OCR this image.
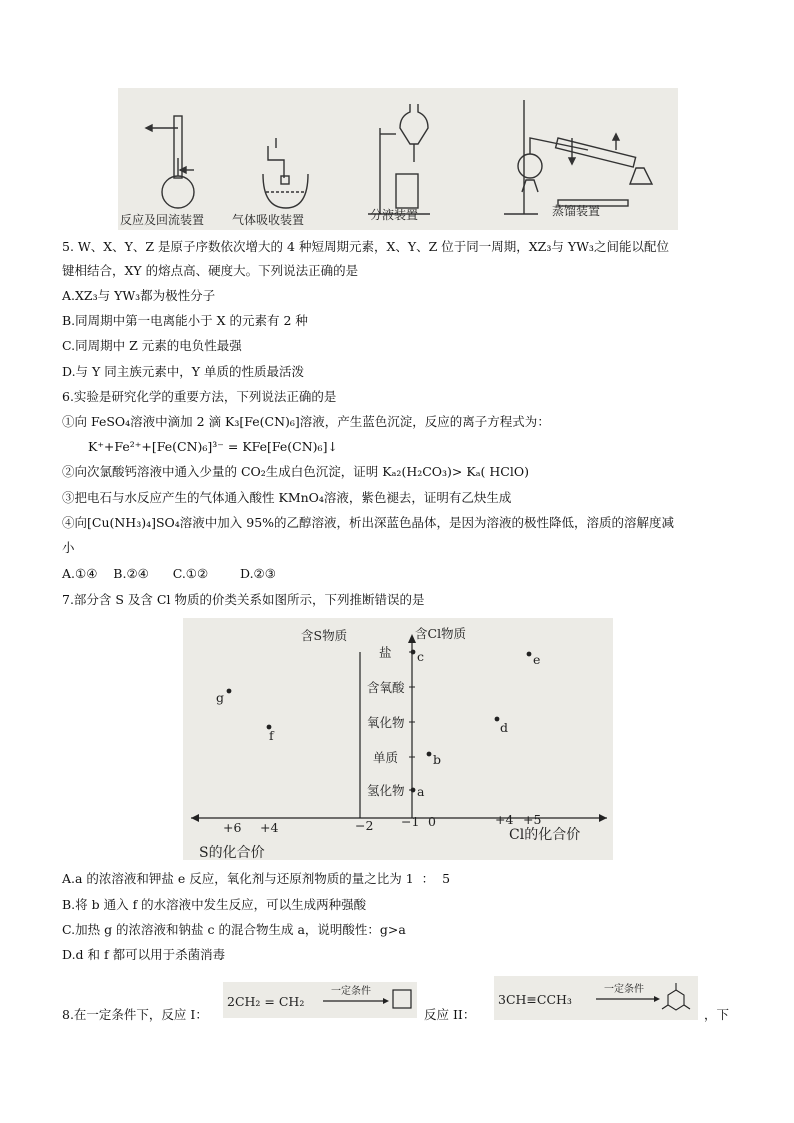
反应及回流装置 气体吸收装置	分液装置	蒸馏装置
5. W、X、Y、Z 是原子序数依次增大的 4 种短周期元素，X、Y、Z 位于同一周期，XZ₃与 YW₃之间能以配位
键相结合，XY 的熔点高、硬度大。下列说法正确的是
A.XZ₃与 YW₃都为极性分子
B.同周期中第一电离能小于 X 的元素有 2 种
C.同周期中 Z 元素的电负性最强
D.与 Y 同主族元素中，Y 单质的性质最活泼
6.实验是研究化学的重要方法，下列说法正确的是
①向 FeSO₄溶液中滴加 2 滴 K₃[Fe(CN)₆]溶液，产生蓝色沉淀，反应的离子方程式为：
K⁺+Fe²⁺+[Fe(CN)₆]³⁻ = KFe[Fe(CN)₆]↓
②向次氯酸钙溶液中通入少量的 CO₂生成白色沉淀，证明 Kₐ₂(H₂CO₃)> Kₐ( HClO)
③把电石与水反应产生的气体通入酸性 KMnO₄溶液，紫色褪去，证明有乙炔生成
④向[Cu(NH₃)₄]SO₄溶液中加入 95%的乙醇溶液，析出深蓝色晶体，是因为溶液的极性降低，溶质的溶解度减
小
A.①④    B.②④      C.①②        D.②③
7.部分含 S 及含 Cl 物质的价类关系如图所示，下列推断错误的是
含S物质	含Cl物质
盐
含氧酸
氧化物
单质
氢化物 a
b
c
d
e
f
g
+6 +4	−2 −1 0	+4 +5
S的化合价
Cl的化合价
A.a 的浓溶液和钾盐 e 反应，氧化剂与还原剂物质的量之比为 1  ：  5
B.将 b 通入 f 的水溶液中发生反应，可以生成两种强酸
C.加热 g 的浓溶液和钠盐 c 的混合物生成 a，说明酸性：g>a
D.d 和 f 都可以用于杀菌消毒
8.在一定条件下，反应 I：
2CH₂ = CH₂
一定条件
反应 II：
3CH≡CCH₃
一定条件
，下
